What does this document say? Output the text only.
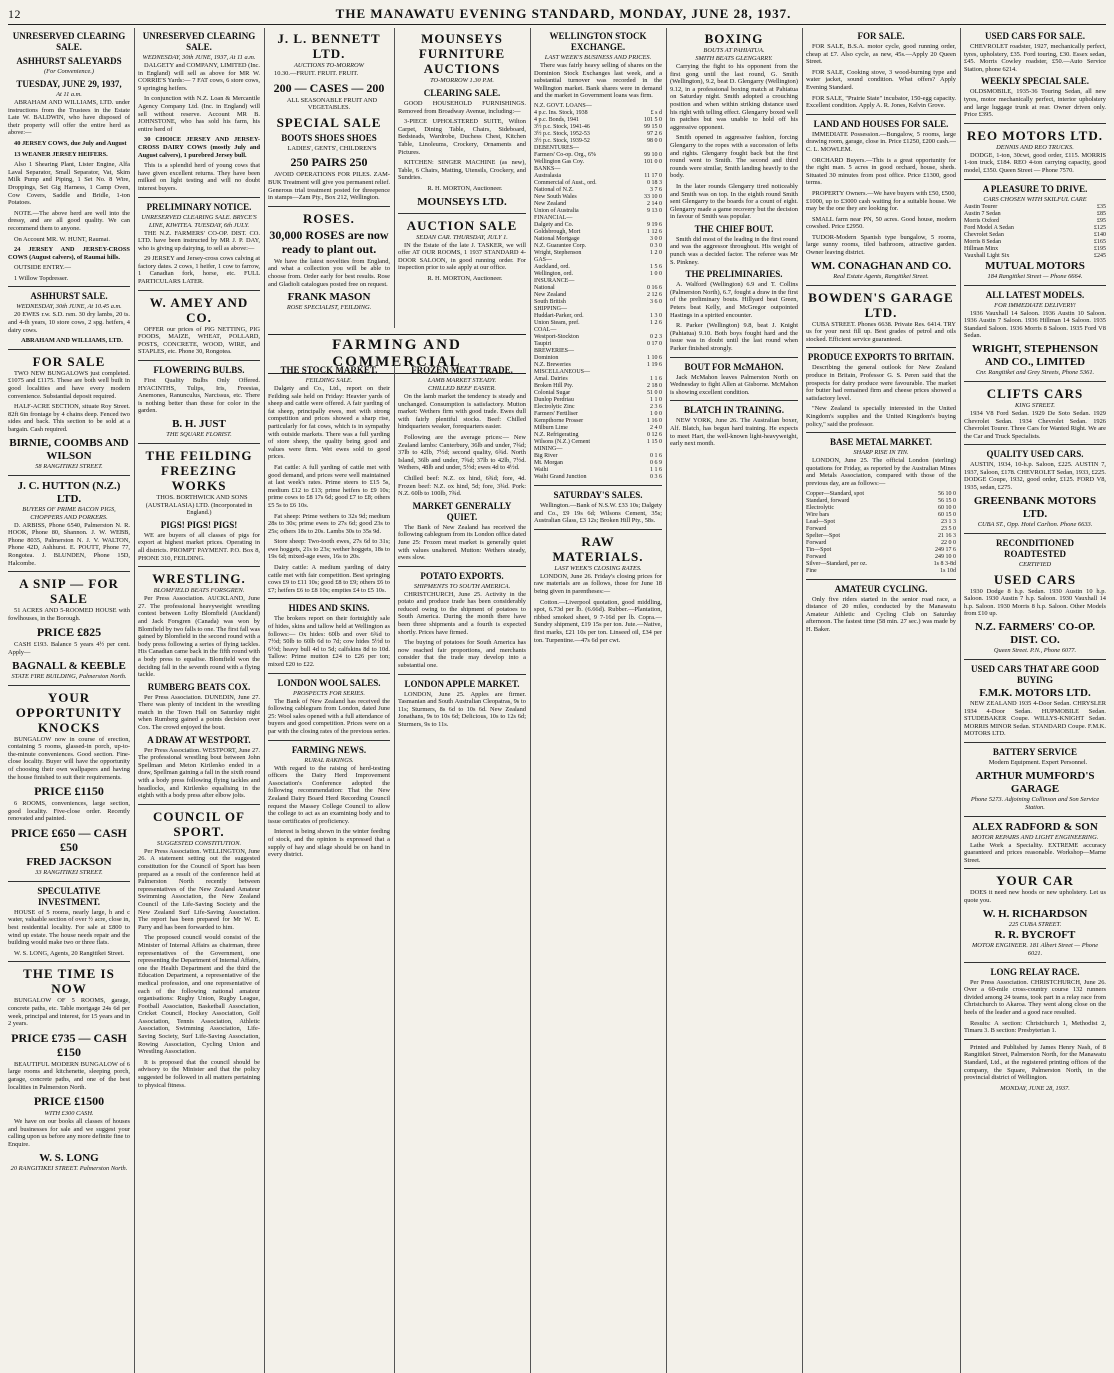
12	THE MANAWATU EVENING STANDARD, MONDAY, JUNE 28, 1937.
UNRESERVED CLEARING SALE.
ASHHURST SALEYARDS
(For Convenience.)
TUESDAY, JUNE 29, 1937,
At 11 a.m.

ABRAHAM AND WILLIAMS, LTD. under instructions from the Trustees in the Estate Late W. BALDWIN, who have disposed of their property will offer the entire herd as above:—

40 JERSEY COWS, due July and August

13 WEANER JERSEY HEIFERS.

Also 1 Shearing Plant, Lister Engine, Alfa Laval Separator, Small Separator, Vat, Skim Milk Pump and Piping, 1 Set No. 8 Wire, Droppings, Set Gig Harness, 1 Camp Oven, Cow Covers, Saddle and Bridle, 1-ton Potatoes.

NOTE.—The above herd are well into the dressy, and are all good quality. We can recommend them to anyone.

On Account MR. W. HUNT, Raumai.

24 JERSEY AND JERSEY-CROSS COWS (August calvers), of Raumai hills.

OUTSIDE ENTRY.—

1 Willow Topdresser.

ASHHURST SALE.
WEDNESDAY, 30th JUNE, At 10.45 a.m.

20 EWES r.w. S.D. rsm. 30 dry lambs, 20 ts. and 4-th years, 10 store cows, 2 spg. heifers, 4 dairy cows.

ABRAHAM AND WILLIAMS, LTD.

FOR SALE

TWO NEW BUNGALOWS just completed. £1075 and £1175. These are both well built in good localities and have every modern convenience. Substantial deposit required.

HALF-ACRE SECTION, situate Roy Street. 82ft 6in frontage by 4 chains deep. Fenced two sides and back. This section to be sold at a bargain. Cash required.

BIRNIE, COOMBS AND WILSON
58 RANGITIKEI STREET.
J. C. HUTTON (N.Z.) LTD.
BUYERS OF PRIME BACON PIGS, CHOPPERS AND PORKERS.

D. ARBISS, Phone 6540, Palmerston N. R. HOOK, Phone 80, Shannon. J. W. WEBB, Phone 8035, Palmerston N. J. V. WALTON, Phone 42D, Ashhurst. E. POUTT, Phone 77, Rongotea. J. BLUNDEN, Phone 15D, Halcombe.

A SNIP — FOR SALE

51 ACRES AND 5-ROOMED HOUSE with fowlhouses, in the Borough.

PRICE £825

CASH £193. Balance 5 years 4½ per cent. Apply—

BAGNALL & KEEBLE
STATE FIRE BUILDING, Palmerston North.
YOUR OPPORTUNITY KNOCKS

BUNGALOW now in course of erection, containing 5 rooms, glassed-in porch, up-to-the-minute conveniences. Good section. Fine-close locality. Buyer will have the opportunity of choosing their own wallpapers and having the house finished to suit their requirements.

PRICE £1150

6 ROOMS, conveniences, large section, good locality. Five-close order. Recently renovated and painted.

PRICE £650 — CASH £50
FRED JACKSON
33 RANGITIKEI STREET.
SPECULATIVE INVESTMENT.

HOUSE of 5 rooms, nearly large, h and c water, valuable section of over ½ acre, close in, best residential locality. For sale at £800 to wind up estate. The house needs repair and the building would make two or three flats.

W. S. LONG, Agents, 20 Rangitikei Street.

THE TIME IS NOW

BUNGALOW OF 5 ROOMS, garage, concrete paths, etc. Table mortgage 24s 6d per week, principal and interest, for 15 years and in 2 years.

PRICE £735 — CASH £150

BEAUTIFUL MODERN BUNGALOW of 6 large rooms and kitchenette, sleeping porch, garage, concrete paths, and one of the best localities in Palmerston North.

PRICE £1500
WITH £300 CASH.

We have on our books all classes of houses and businesses for sale and we suggest your calling upon us before any more definite fine to Enquire.

W. S. LONG
20 RANGITIKEI STREET. Palmerston North.
UNRESERVED CLEARING SALE.
WEDNESDAY, 30th JUNE, 1937, At 11 a.m.

DALGETY and COMPANY, LIMITED (Inc. in England) will sell as above for MR W. CORRIE'S Yards:— 7 FAT cows, 6 store cows, 9 springing heifers.

In conjunction with N.Z. Loan & Mercantile Agency Company Ltd. (Inc. in England) will sell without reserve. Account MR B. JOHNSTONE, who has sold his farm, his entire herd of

30 CHOICE JERSEY AND JERSEY-CROSS DAIRY COWS (mostly July and August calvers), 1 purebred Jersey bull.

This is a splendid herd of young cows that have given excellent returns. They have been milked on light testing and will no doubt interest buyers.

PRELIMINARY NOTICE.
UNRESERVED CLEARING SALE. BRYCE'S LINE, KIWITEA. TUESDAY, 6th JULY.

THE N.Z. FARMERS' CO-OP. DIST. CO. LTD. have been instructed by MR J. P. DAY, who is giving up dairying, to sell as above:—

29 JERSEY and Jersey-cross cows calving at factory dates. 2 cows, 1 heifer, 1 cow to farrow, 1 Canadian fork, horse, etc. FULL PARTICULARS LATER.

W. AMEY AND CO.

OFFER our prices of PIG NETTING, PIG FOODS, MAIZE, WHEAT, POLLARD, POSTS, CONCRETE, WOOD, WIRE, and STAPLES, etc. Phone 30, Rongotea.

FLOWERING BULBS.

First Quality Bulbs Only Offered. HYACINTHS, Tulips, Iris, Freesias, Anemones, Ranunculus, Narcissus, etc. There is nothing better than these for color in the garden.

B. H. JUST
THE SQUARE FLORIST.
THE FEILDING FREEZING WORKS

THOS. BORTHWICK AND SONS (AUSTRALASIA) LTD. (Incorporated in England.)

PIGS! PIGS! PIGS!

WE are buyers of all classes of pigs for export at highest market prices. Operating in all districts. PROMPT PAYMENT. P.O. Box 8, PHONE 310, FEILDING.

WRESTLING.
BLOMFIELD BEATS FORSGREN.

Per Press Association. AUCKLAND, June 27. The professional heavyweight wrestling contest between Lofty Blomfield (Auckland) and Jack Forsgren (Canada) was won by Blomfield by two falls to one. The first fall was gained by Blomfield in the second round with a body press following a series of flying tackles. His Canadian came back in the fifth round with a body press to equalise. Blomfield won the deciding fall in the seventh round with a flying tackle.

RUMBERG BEATS COX.

Per Press Association. DUNEDIN, June 27. There was plenty of incident in the wrestling match in the Town Hall on Saturday night when Rumberg gained a points decision over Cox. The crowd enjoyed the bout.

A DRAW AT WESTPORT.

Per Press Association. WESTPORT, June 27. The professional wrestling bout between John Spellman and Meton Kirilenko ended in a draw, Spellman gaining a fall in the sixth round with a body press following flying tackles and headlocks, and Kirilenko equalising in the eighth with a body press after elbow jolts.

COUNCIL OF SPORT.
SUGGESTED CONSTITUTION.

Per Press Association. WELLINGTON, June 26. A statement setting out the suggested constitution for the Council of Sport has been prepared as a result of the conference held at Palmerston North recently between representatives of the New Zealand Amateur Swimming Association, the New Zealand Council of the Life-Saving Society and the New Zealand Surf Life-Saving Association. The report has been prepared for Mr W. E. Parry and has been forwarded to him.

The proposed council would consist of the Minister of Internal Affairs as chairman, three representatives of the Government, one representing the Department of Internal Affairs, one the Health Department and the third the Education Department, a representative of the medical profession, and one representative of each of the following national amateur organisations: Rugby Union, Rugby League, Football Association, Basketball Association, Cricket Council, Hockey Association, Golf Association, Tennis Association, Athletic Association, Swimming Association, Life-Saving Society, Surf Life-Saving Association, Rowing Association, Cycling Union and Wrestling Association.

It is proposed that the council should be advisory to the Minister and that the policy suggested be followed in all matters pertaining to physical fitness.

J. L. BENNETT LTD.
AUCTIONS TO-MORROW

10.30.—FRUIT. FRUIT. FRUIT.

200 — CASES — 200

ALL SEASONABLE FRUIT AND VEGETABLES.

SPECIAL SALE
BOOTS SHOES SHOES

LADIES', GENTS', CHILDREN'S

250 PAIRS 250

AVOID OPERATIONS FOR PILES. ZAM-BUK Treatment will give you permanent relief. Generous trial treatment posted for threepence in stamps—Zam Pty., Box 212, Wellington.

ROSES.
30,000 ROSES are now ready to plant out.

We have the latest novelties from England, and what a collection you will be able to choose from. Order early for best results. Rose and Gladioli catalogues posted free on request.

FRANK MASON
ROSE SPECIALIST, FEILDING.
MOUNSEYS FURNITURE AUCTIONS
TO-MORROW 1.30 P.M.
CLEARING SALE.

GOOD HOUSEHOLD FURNISHINGS. Removed from Broadway Avenue, including:—

3-PIECE UPHOLSTERED SUITE, Wilton Carpet, Dining Table, Chairs, Sideboard, Bedsteads, Wardrobe, Duchess Chest, Kitchen Table, Linoleums, Crockery, Ornaments and Pictures.

KITCHEN: SINGER MACHINE (as new), Table, 6 Chairs, Matting, Utensils, Crockery, and Sundries.

R. H. MORTON, Auctioneer.

MOUNSEYS LTD.
AUCTION SALE
SEDAN CAR. THURSDAY, JULY 1.

IN the Estate of the late J. TASKER, we will offer AT OUR ROOMS, 1 1937 STANDARD 4-DOOR SALOON, in good running order. For inspection prior to sale apply at our office.

R. H. MORTON, Auctioneer.

FARMING AND COMMERCIAL
THE STOCK MARKET.
FEILDING SALE.

Dalgety and Co., Ltd., report on their Feilding sale held on Friday: Heavier yards of sheep and cattle were offered. A fair yarding of fat sheep, principally ewes, met with strong competition and prices showed a sharp rise, particularly for fat cows, which is in sympathy with outside markets. There was a full yarding of store sheep, the quality being good and values were firm. Wet ewes sold to good prices.

Fat cattle: A full yarding of cattle met with good demand, and prices were well maintained at last week's rates. Prime steers to £15 5s, medium £12 to £13; prime heifers to £9 10s; prime cows to £8 17s 6d; good £7 to £8; others £5 5s to £6 10s.

Fat sheep: Prime wethers to 32s 9d; medium 28s to 30s; prime ewes to 27s 6d; good 23s to 25s; others 18s to 20s. Lambs 30s to 35s 9d.

Store sheep: Two-tooth ewes, 27s 6d to 31s; ewe hoggets, 21s to 23s; wether hoggets, 18s to 19s 6d; mixed-age ewes, 16s to 20s.

Dairy cattle: A medium yarding of dairy cattle met with fair competition. Best springing cows £9 to £11 10s; good £8 to £9; others £6 to £7; heifers £6 to £8 10s; empties £4 to £5 10s.

HIDES AND SKINS.

The brokers report on their fortnightly sale of hides, skins and tallow held at Wellington as follows:— Ox hides: 60lb and over 6¾d to 7½d; 50lb to 60lb 6d to 7d; cow hides 5½d to 6½d; heavy bull 4d to 5d; calfskins 8d to 10d. Tallow: Prime mutton £24 to £26 per ton; mixed £20 to £22.

LONDON WOOL SALES.
PROSPECTS FOR SERIES.

The Bank of New Zealand has received the following cablegram from London, dated June 25: Wool sales opened with a full attendance of buyers and good competition. Prices were on a par with the closing rates of the previous series.

FARMING NEWS.
RURAL RAKINGS.

With regard to the raising of herd-testing officers the Dairy Herd Improvement Association's Conference adopted the following recommendation: That the New Zealand Dairy Board Herd Recording Council request the Massey College Council to allow the college to act as an examining body and to issue certificates of proficiency.

Interest is being shown in the winter feeding of stock, and the opinion is expressed that a supply of hay and silage should be on hand in every district.

FROZEN MEAT TRADE.
LAMB MARKET STEADY.
CHILLED BEEF EASIER.

On the lamb market the tendency is steady and unchanged. Consumption is satisfactory. Mutton market: Wethers firm with good trade. Ewes dull with fairly plentiful stocks. Beef: Chilled hindquarters weaker, forequarters easier.

Following are the average prices:— New Zealand lambs: Canterbury, 36lb and under, 7¾d; 37lb to 42lb, 7½d; second quality, 6¾d. North Island, 36lb and under, 7¾d; 37lb to 42lb, 7½d. Wethers, 48lb and under, 5½d; ewes 4d to 4½d.

Chilled beef: N.Z. ox hind, 6¾d; fore, 4d. Frozen beef: N.Z. ox hind, 5d; fore, 3¾d. Pork: N.Z. 60lb to 100lb, 7¾d.

MARKET GENERALLY QUIET.

The Bank of New Zealand has received the following cablegram from its London office dated June 25: Frozen meat market is generally quiet with values unaltered. Mutton: Wethers steady, ewes slow.

POTATO EXPORTS.
SHIPMENTS TO SOUTH AMERICA.

CHRISTCHURCH, June 25. Activity in the potato and produce trade has been considerably reduced owing to the shipment of potatoes to South America. During the month there have been three shipments and a fourth is expected shortly. Prices have firmed.

The buying of potatoes for South America has now reached fair proportions, and merchants consider that the trade may develop into a substantial one.

LONDON APPLE MARKET.

LONDON, June 25. Apples are firmer. Tasmanian and South Australian Cleopatras, 9s to 11s; Sturmers, 8s 6d to 10s 6d. New Zealand Jonathans, 9s to 10s 6d; Delicious, 10s to 12s 6d; Sturmers, 9s to 11s.

WELLINGTON STOCK EXCHANGE.
LAST WEEK'S BUSINESS AND PRICES.

There was fairly heavy selling of shares on the Dominion Stock Exchanges last week, and a substantial turnover was recorded in the Wellington market. Bank shares were in demand and the market in Government loans was firm.

N.Z. GOVT. LOANS—	
4 p.c. Ins. Stock, 1938	£ s d
4 p.c. Bonds, 1941	101 5 0
3½ p.c. Stock, 1941-46	99 15 0
3½ p.c. Stock, 1952-53	97 2 6
3½ p.c. Stock, 1939-52	98 0 0
DEBENTURES—	
Farmers' Co-op. Org., 6%	99 10 0
Wellington Gas Coy.	101 0 0
BANKS—	
Australasia	11 17 0
Commercial of Aust., ord.	0 18 3
National of N.Z.	3 7 6
New South Wales	33 10 0
New Zealand	2 14 0
Union of Australia	9 13 0
FINANCIAL—	
Dalgety and Co.	9 19 6
Goldsbrough, Mort	1 12 6
National Mortgage	3 0 0
N.Z. Guarantee Corp.	0 3 0
Wright, Stephenson	1 2 0
GAS—	
Auckland, ord.	1 5 6
Wellington, ord.	1 0 0
INSURANCE—	
National	0 16 6
New Zealand	2 12 6
South British	3 6 0
SHIPPING—	
Huddart-Parker, ord.	1 3 0
Union Steam, pref.	1 2 6
COAL—	
Westport-Stockton	0 2 3
Taupiri	0 17 0
BREWERIES—	
Dominion	1 10 6
N.Z. Breweries	1 19 6
MISCELLANEOUS—	
Amal. Dairies	1 1 6
Broken Hill Pty.	2 18 0
Colonial Sugar	51 0 0
Dunlop Perdriau	1 1 0
Electrolytic Zinc	2 3 6
Farmers' Fertiliser	1 0 0
Kempthorne Prosser	1 16 0
Milburn Lime	2 4 0
N.Z. Refrigerating	0 12 6
Wilsons (N.Z.) Cement	1 15 0
MINING—	
Big River	0 1 6
Mt. Morgan	0 6 9
Waihi	1 1 6
Waihi Grand Junction	0 3 6
SATURDAY'S SALES.

Wellington.—Bank of N.S.W. £33 10s; Dalgety and Co., £9 19s 6d; Wilsons Cement, 35s; Australian Glass, £3 12s; Broken Hill Pty., 58s.

RAW MATERIALS.
LAST WEEK'S CLOSING RATES.

LONDON, June 26. Friday's closing prices for raw materials are as follows, those for June 18 being given in parentheses:—

Cotton.—Liverpool quotation, good middling, spot, 6.73d per lb. (6.66d). Rubber.—Plantation, ribbed smoked sheet, 9 7-16d per lb. Copra.—Sundry shipment, £19 15s per ton. Jute.—Native, first marks, £21 10s per ton. Linseed oil, £34 per ton. Turpentine.—47s 6d per cwt.

BOXING
BOUTS AT PAHIATUA.
SMITH BEATS GLENGARRY.

Carrying the fight to his opponent from the first gong until the last round, G. Smith (Wellington), 9.2, beat D. Glengarry (Wellington) 9.12, in a professional boxing match at Pahiatua on Saturday night. Smith adopted a crouching position and when within striking distance used his right with telling effect. Glengarry boxed well in patches but was unable to hold off his aggressive opponent.

Smith opened in aggressive fashion, forcing Glengarry to the ropes with a succession of lefts and rights. Glengarry fought back but the first round went to Smith. The second and third rounds were similar, Smith landing heavily to the body.

In the later rounds Glengarry tired noticeably and Smith was on top. In the eighth round Smith sent Glengarry to the boards for a count of eight. Glengarry made a game recovery but the decision in favour of Smith was popular.

THE CHIEF BOUT.

Smith did most of the leading in the first round and was the aggressor throughout. His weight of punch was a decided factor. The referee was Mr S. Pinkney.

THE PRELIMINARIES.

A. Walford (Wellington) 6.9 and T. Collins (Palmerston North), 6.7, fought a draw in the first of the preliminary bouts. Hillyard beat Green, Peters beat Kelly, and McGregor outpointed Hastings in a spirited encounter.

R. Parker (Wellington) 9.8, beat J. Knight (Pahiatua) 9.10. Both boys fought hard and the issue was in doubt until the last round when Parker finished strongly.

BOUT FOR McMAHON.

Jack McMahon leaves Palmerston North on Wednesday to fight Allen at Gisborne. McMahon is showing excellent condition.

BLATCH IN TRAINING.

NEW YORK, June 26. The Australian boxer, Alf. Blatch, has begun hard training. He expects to meet Hart, the well-known light-heavyweight, early next month.

FOR SALE.

FOR SALE, B.S.A. motor cycle, good running order, cheap at £7. Also cycle, as new, 45s.—Apply 20 Queen Street.

FOR SALE, Cooking stove, 3 wood-burning type and water jacket, sound condition. What offers? Apply Evening Standard.

FOR SALE, "Prairie State" incubator, 150-egg capacity. Excellent condition. Apply A. R. Jones, Kelvin Grove.

LAND AND HOUSES FOR SALE.

IMMEDIATE Possession.—Bungalow, 5 rooms, large drawing room, garage, close in. Price £1250, £200 cash.—C. L. MOWLEM.

ORCHARD Buyers.—This is a great opportunity for the right man. 5 acres in good orchard, house, sheds. Situated 30 minutes from post office. Price £1300, good terms.

PROPERTY Owners.—We have buyers with £50, £500, £1000, up to £3000 cash waiting for a suitable house. We may be the one they are looking for.

SMALL farm near PN, 50 acres. Good house, modern cowshed. Price £2950.

TUDOR-Modern Spanish type bungalow, 5 rooms, large sunny rooms, tiled bathroom, attractive garden. Owner leaving district.

WM. CONAGHAN AND CO.
Real Estate Agents, Rangitikei Street.
BOWDEN'S GARAGE LTD.

CUBA STREET. Phones 6638. Private Res. 6414. TRY us for your next fill up. Best grades of petrol and oils stocked. Efficient service guaranteed.

PRODUCE EXPORTS TO BRITAIN.

Describing the general outlook for New Zealand produce in Britain, Professor G. S. Peren said that the prospects for dairy produce were favourable. The market for butter had remained firm and cheese prices showed a satisfactory level.

"New Zealand is specially interested in the United Kingdom's supplies and the United Kingdom's buying policy," said the professor.

BASE METAL MARKET.
SHARP RISE IN TIN.

LONDON, June 25. The official London (sterling) quotations for Friday, as reported by the Australian Mines and Metals Association, compared with those of the previous day, are as follows:—

Copper—Standard, spot	56 10 0
Standard, forward	56 15 0
Electrolytic	60 10 0
Wire bars	60 15 0
Lead—Spot	23 1 3
Forward	23 5 0
Spelter—Spot	21 16 3
Forward	22 0 0
Tin—Spot	249 17 6
Forward	249 10 0
Silver—Standard, per oz.	1s 8 3-8d
Fine	1s 10d
AMATEUR CYCLING.

Only five riders started in the senior road race, a distance of 20 miles, conducted by the Manawatu Amateur Athletic and Cycling Club on Saturday afternoon. The fastest time (58 min. 27 sec.) was made by H. Baker.

USED CARS FOR SALE.

CHEVROLET roadster, 1927, mechanically perfect, tyres, upholstery, £35. Ford touring, £30. Essex sedan, £45. Morris Cowley roadster, £50.—Auto Service Station, phone 6214.

WEEKLY SPECIAL SALE.

OLDSMOBILE, 1935-36 Touring Sedan, all new tyres, motor mechanically perfect, interior upholstery and large luggage trunk at rear. Owner driven only. Price £395.

REO MOTORS LTD.
DENNIS AND REO TRUCKS.

DODGE, 1-ton, 30cwt, good order, £115. MORRIS 1-ton truck, £184. REO 4-ton carrying capacity, good model, £350. Queen Street — Phone 7570.

A PLEASURE TO DRIVE.
CARS CHOSEN WITH SKILFUL CARE
Austin Tourer	£35
Austin 7 Sedan	£85
Morris Oxford	£95
Ford Model A Sedan	£125
Chevrolet Sedan	£140
Morris 8 Sedan	£165
Hillman Minx	£195
Vauxhall Light Six	£245
MUTUAL MOTORS
184 Rangitikei Street — Phone 6664.
ALL LATEST MODELS.
FOR IMMEDIATE DELIVERY!

1936 Vauxhall 14 Saloon. 1936 Austin 10 Saloon. 1936 Austin 7 Saloon. 1936 Hillman 14 Saloon. 1935 Standard Saloon. 1936 Morris 8 Saloon. 1935 Ford V8 Sedan.

WRIGHT, STEPHENSON AND CO., LIMITED
Cnr. Rangitikei and Grey Streets, Phone 5361.
CLIFTS CARS
KING STREET.

1934 V8 Ford Sedan. 1929 De Soto Sedan. 1929 Chevrolet Sedan. 1934 Chevrolet Sedan. 1926 Chevrolet Tourer. Three Cars for Wanted Right. We are the Car and Truck Specialists.

QUALITY USED CARS.

AUSTIN, 1934, 10-h.p. Saloon, £225. AUSTIN 7, 1937, Saloon, £178. CHEVROLET Sedan, 1933, £225. DODGE Coupe, 1932, good order, £125. FORD V8, 1935, sedan, £275.

GREENBANK MOTORS LTD.
CUBA ST., Opp. Hotel Carlton. Phone 6633.
RECONDITIONED ROADTESTED
CERTIFIED
USED CARS

1930 Dodge 8 h.p. Sedan. 1930 Austin 10 h.p. Saloon. 1930 Austin 7 h.p. Saloon. 1930 Vauxhall 14 h.p. Saloon. 1930 Morris 8 h.p. Saloon. Other Models from £10 up.

N.Z. FARMERS' CO-OP. DIST. CO.
Queen Street. P.N., Phone 6077.
USED CARS THAT ARE GOOD BUYING
F.M.K. MOTORS LTD.

NEW ZEALAND 1935 4-Door Sedan. CHRYSLER 1934 4-Door Sedan. HUPMOBILE Sedan. STUDEBAKER Coupe. WILLYS-KNIGHT Sedan. MORRIS MINOR Sedan. STANDARD Coupe. F.M.K. MOTORS LTD.

BATTERY SERVICE

Modern Equipment. Expert Personnel.

ARTHUR MUMFORD'S GARAGE
Phone 5273. Adjoining Collinson and Son Service Station.
ALEX RADFORD & SON
MOTOR REPAIRS AND LIGHT ENGINEERING.

Lathe Work a Speciality. EXTREME accuracy guaranteed and prices reasonable. Workshop—Marne Street.

YOUR CAR

DOES it need new hoods or new upholstery. Let us quote you.

W. H. RICHARDSON
225 CUBA STREET.
R. R. BYCROFT
MOTOR ENGINEER. 181 Albert Street — Phone 6021.
LONG RELAY RACE.

Per Press Association. CHRISTCHURCH, June 26. Over a 60-mile cross-country course 132 runners divided among 24 teams, took part in a relay race from Christchurch to Akaroa. They went along close on the heels of the leader and a good race resulted.

Results: A section: Christchurch 1, Methodist 2, Timaru 3. B section: Presbyterian 1.

Printed and Published by James Henry Nash, of 8 Rangitikei Street, Palmerston North, for the Manawatu Standard, Ltd., at the registered printing offices of the company, the Square, Palmerston North, in the provincial district of Wellington.

MONDAY, JUNE 28, 1937.
